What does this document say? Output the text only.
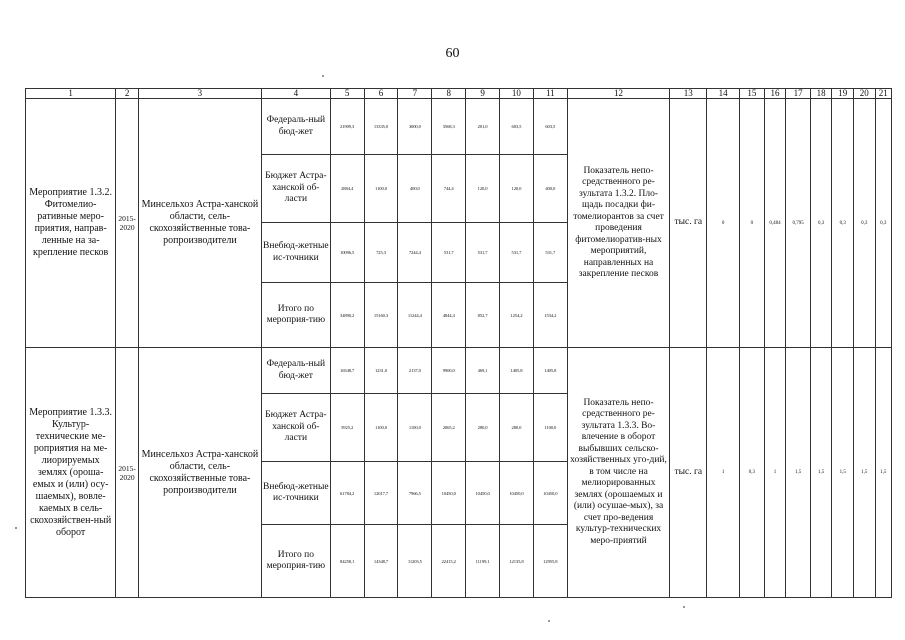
60
1	2	3	4	5	6	7	8	9	10	11	12	13	14	15	16	17	18	19	20	21
Мероприятие 1.3.2. Фитомелио-ративные меро-приятия, направ-ленные на за-крепление песков	2015-2020	Минсельхоз Астра-ханской области, сель-скохозяйственные това-ропроизводители	Федераль-ный бюд-жет	21909,3	13335,0	3000,0	3568,3	201,0	603,5	603,5	Показатель непо-средственного ре-зультата 1.3.2. Пло-щадь посадки фи-томелиорантов за счет проведения фитомелиоратив-ных мероприятий, направленных на закрепление песков	тыс. га	0	0	0,484	0,795	0,3	0,3	0,3	0,3
			Бюджет Астра-ханской об-ласти	2884,4	1100,0	400,0	744,4	120,0	120,0	400,0										
			Внебюд-жетные ис-точники	10096,5	725,3	7244,4	531,7	531,7	531,7	531,7										
			Итого по мероприя-тию	34890,2	15160,3	11244,4	4844,4	852,7	1254,2	1534,2										
Мероприятие 1.3.3. Культур-технические ме-роприятия на ме-лиорируемых землях (ороша-емых и (или) осу-шаемых), вовле-каемых в сель-скохозяйствен-ный оборот	2015-2020	Минсельхоз Астра-ханской области, сель-скохозяйственные това-ропроизводители	Федераль-ный бюд-жет	16548,7	1231,0	2137,0	9900,0	469,1	1405,8	1405,8	Показатель непо-средственного ре-зультата 1.3.3. Во-влечение в оборот выбывших сельско-хозяйственных уго-дий, в том числе на мелиорированных землях (орошаемых и (или) осушае-мых), за счет про-ведения культур-технических меро-приятий	тыс. га	1	0,3	1	1,5	1,5	1,5	1,5	1,5
			Бюджет Астра-ханской об-ласти	5925,2	1100,0	1100,0	2065,2	280,0	280,0	1100,0										
			Внебюд-жетные ис-точники	61784,2	12017,7	7966,5	10450,0	10450,0	10450,0	10450,0										
			Итого по мероприя-тию	84258,1	14348,7	11203,5	22415,2	11199,1	12135,8	12955,8										
